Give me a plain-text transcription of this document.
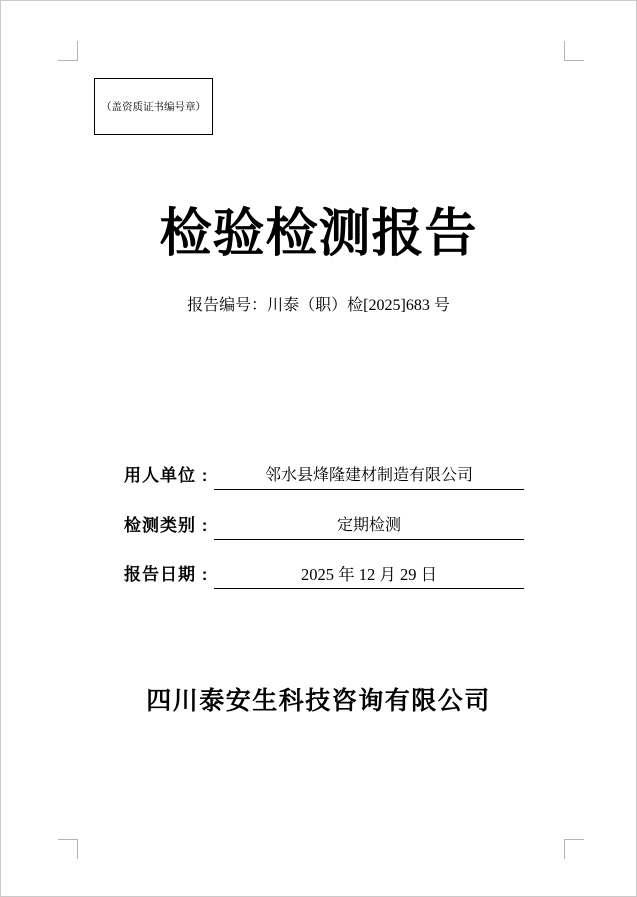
（盖资质证书编号章）
检验检测报告
报告编号：川泰（职）检[2025]683 号
用人单位 :	邻水县烽隆建材制造有限公司
检测类别 :	定期检测
报告日期 :	2025 年 12 月 29 日
四川泰安生科技咨询有限公司
